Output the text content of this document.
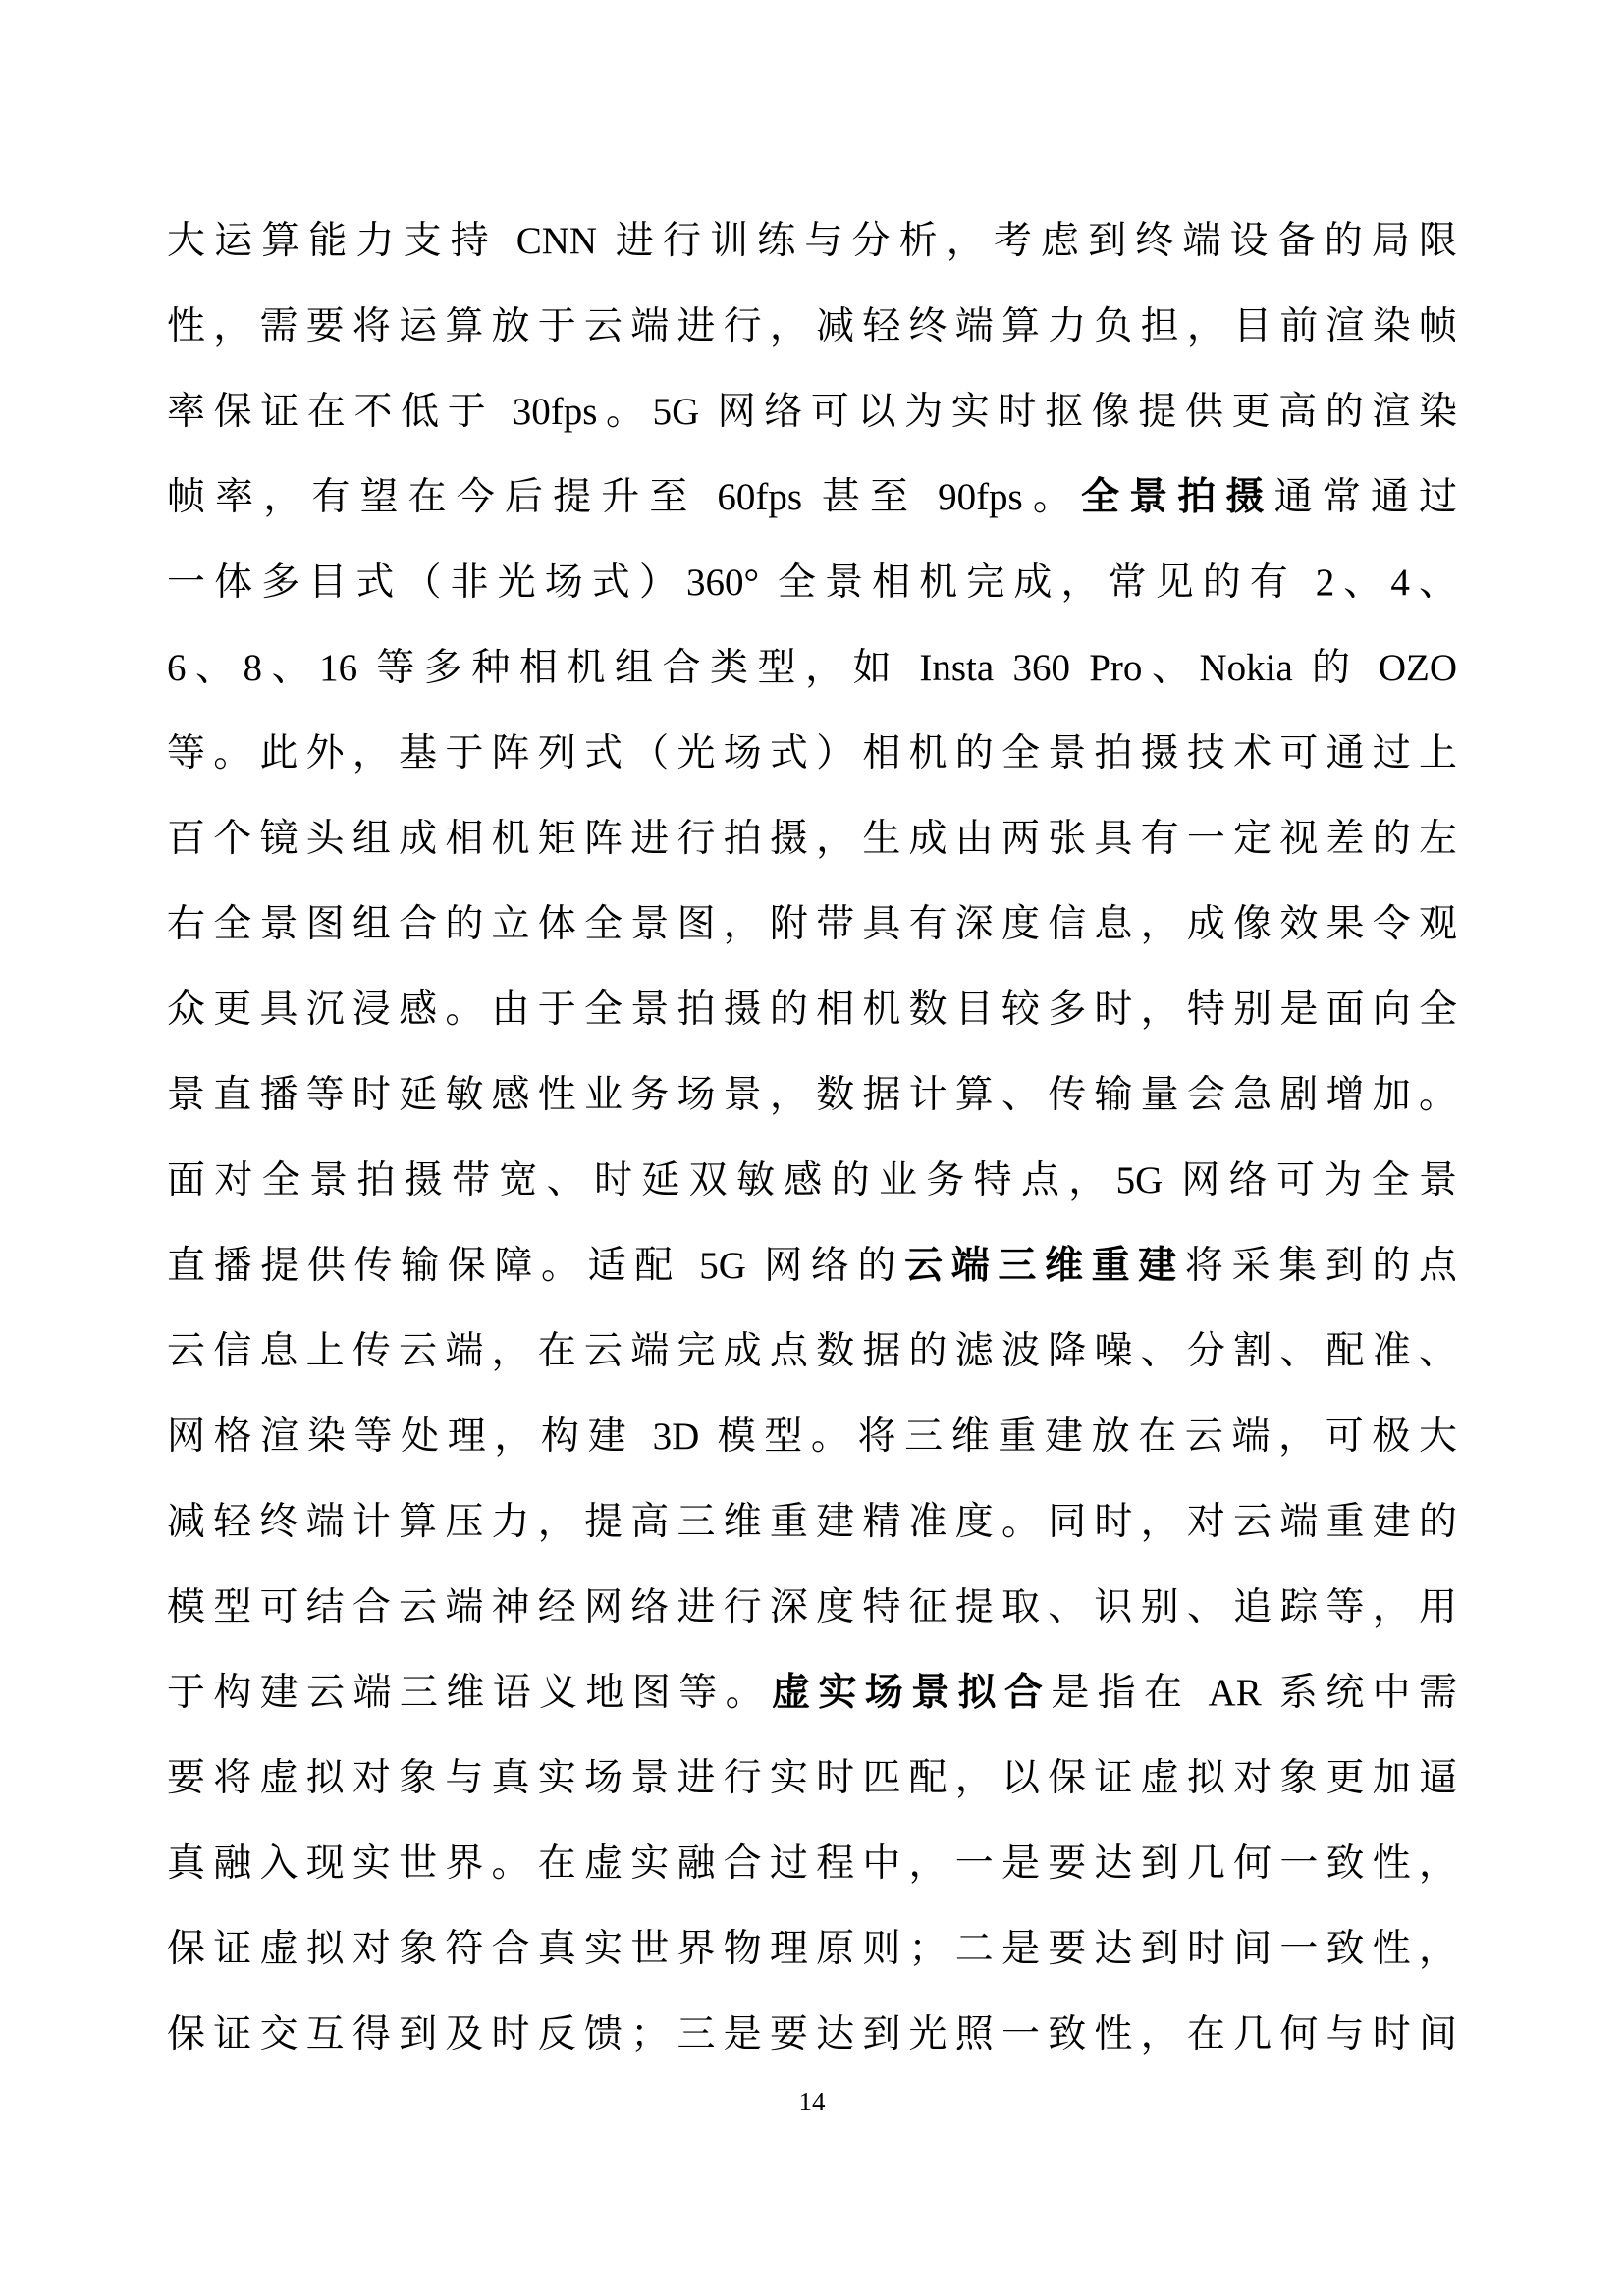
大运算能力支持 CNN 进行训练与分析，考虑到终端设备的局限
性，需要将运算放于云端进行，减轻终端算力负担，目前渲染帧
率保证在不低于 30fps。5G 网络可以为实时抠像提供更高的渲染
帧率，有望在今后提升至 60fps 甚至 90fps。全景拍摄通常通过
一体多目式（非光场式）360° 全景相机完成，常见的有 2、4、
6、8、16 等多种相机组合类型，如 Insta 360 Pro、Nokia 的 OZO
等。此外，基于阵列式（光场式）相机的全景拍摄技术可通过上
百个镜头组成相机矩阵进行拍摄，生成由两张具有一定视差的左
右全景图组合的立体全景图，附带具有深度信息，成像效果令观
众更具沉浸感。由于全景拍摄的相机数目较多时，特别是面向全
景直播等时延敏感性业务场景，数据计算、传输量会急剧增加。
面对全景拍摄带宽、时延双敏感的业务特点，5G 网络可为全景
直播提供传输保障。适配 5G 网络的云端三维重建将采集到的点
云信息上传云端，在云端完成点数据的滤波降噪、分割、配准、
网格渲染等处理，构建 3D 模型。将三维重建放在云端，可极大
减轻终端计算压力，提高三维重建精准度。同时，对云端重建的
模型可结合云端神经网络进行深度特征提取、识别、追踪等，用
于构建云端三维语义地图等。虚实场景拟合是指在 AR 系统中需
要将虚拟对象与真实场景进行实时匹配，以保证虚拟对象更加逼
真融入现实世界。在虚实融合过程中，一是要达到几何一致性，
保证虚拟对象符合真实世界物理原则；二是要达到时间一致性，
保证交互得到及时反馈；三是要达到光照一致性，在几何与时间
14
